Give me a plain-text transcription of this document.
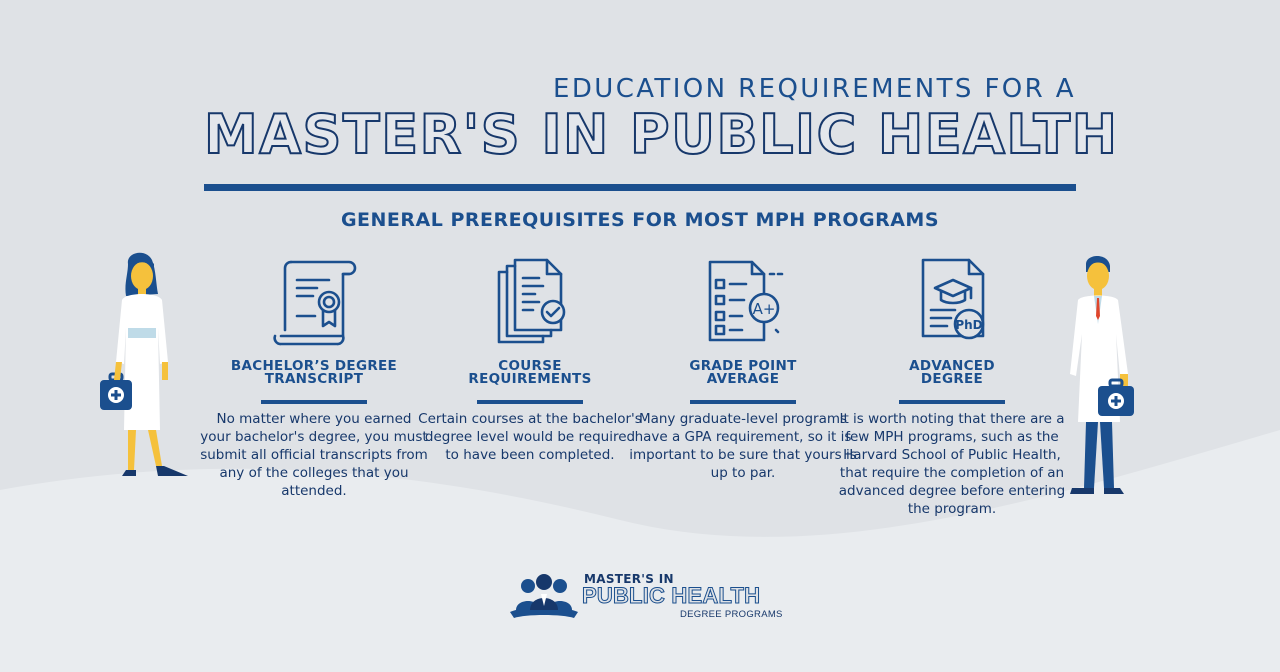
EDUCATION REQUIREMENTS FOR A
MASTER'S IN PUBLIC HEALTH
GENERAL PREREQUISITES FOR MOST MPH PROGRAMS
BACHELOR’S DEGREE
TRANSCRIPT
No matter where you earned your bachelor's degree, you must submit all official transcripts from any of the colleges that you attended.
COURSE
REQUIREMENTS
Certain courses at the bachelor's degree level would be required to have been completed.
A+
GRADE POINT
AVERAGE
Many graduate-level programs have a GPA requirement, so it is important to be sure that yours is up to par.
PhD
ADVANCED
DEGREE
It is worth noting that there are a few MPH programs, such as the Harvard School of Public Health, that require the completion of an advanced degree before entering the program.
MASTER'S IN
PUBLIC HEALTH
DEGREE PROGRAMS
